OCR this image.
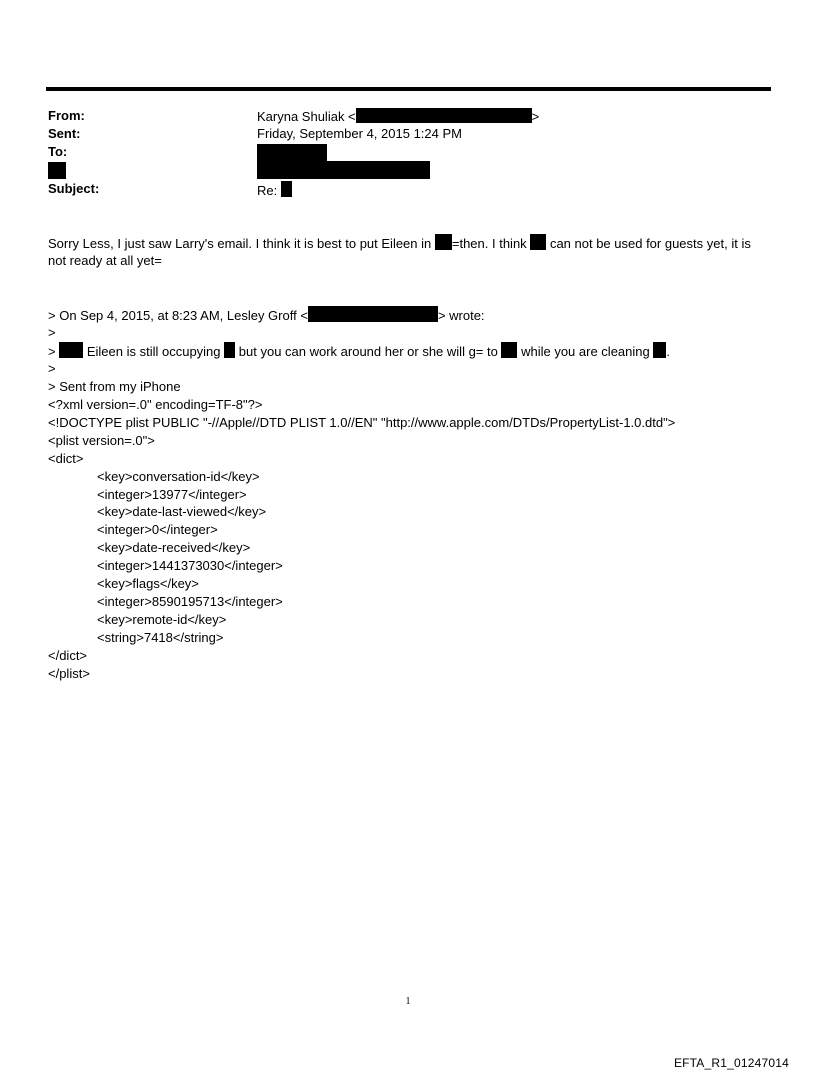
From:	Karyna Shuliak <	>
Sent:	Friday, September 4, 2015 1:24 PM
To:
Subject:	Re:
Sorry Less, I just saw Larry's email. I think it is best to put Eileen in =then. I think can not be used for guests yet, it is
not ready at all yet=
> On Sep 4, 2015, at 8:23 AM, Lesley Groff <	> wrote:
>
> Eileen is still occupying but you can work around her or she will g= to while you are cleaning .
>
> Sent from my iPhone
<?xml version=.0" encoding=TF-8"?>
<!DOCTYPE plist PUBLIC "-//Apple//DTD PLIST 1.0//EN" "http://www.apple.com/DTDs/PropertyList-1.0.dtd">
<plist version=.0">
<dict>
<key>conversation-id</key>
<integer>13977</integer>
<key>date-last-viewed</key>
<integer>0</integer>
<key>date-received</key>
<integer>1441373030</integer>
<key>flags</key>
<integer>8590195713</integer>
<key>remote-id</key>
<string>7418</string>
</dict>
</plist>
1
EFTA_R1_01247014
